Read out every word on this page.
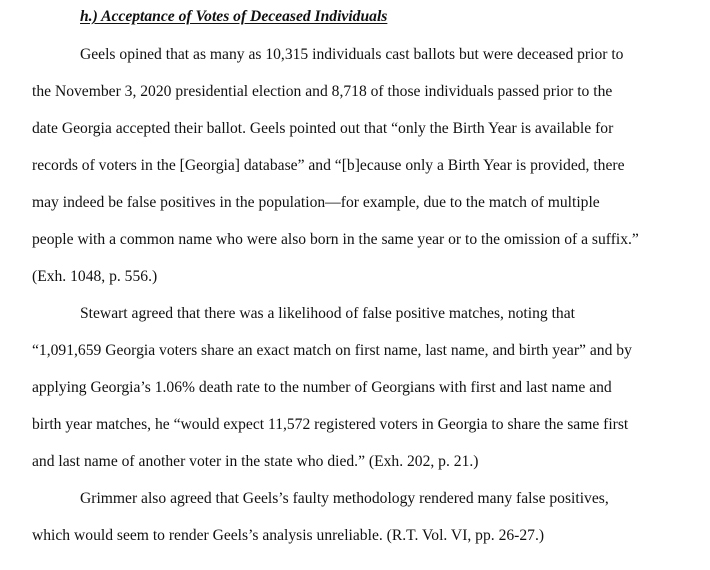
h.) Acceptance of Votes of Deceased Individuals
Geels opined that as many as 10,315 individuals cast ballots but were deceased prior to
the November 3, 2020 presidential election and 8,718 of those individuals passed prior to the
date Georgia accepted their ballot. Geels pointed out that “only the Birth Year is available for
records of voters in the [Georgia] database” and “[b]ecause only a Birth Year is provided, there
may indeed be false positives in the population—for example, due to the match of multiple
people with a common name who were also born in the same year or to the omission of a suffix.”
(Exh. 1048, p. 556.)
Stewart agreed that there was a likelihood of false positive matches, noting that
“1,091,659 Georgia voters share an exact match on first name, last name, and birth year” and by
applying Georgia’s 1.06% death rate to the number of Georgians with first and last name and
birth year matches, he “would expect 11,572 registered voters in Georgia to share the same first
and last name of another voter in the state who died.” (Exh. 202, p. 21.)
Grimmer also agreed that Geels’s faulty methodology rendered many false positives,
which would seem to render Geels’s analysis unreliable. (R.T. Vol. VI, pp. 26-27.)
